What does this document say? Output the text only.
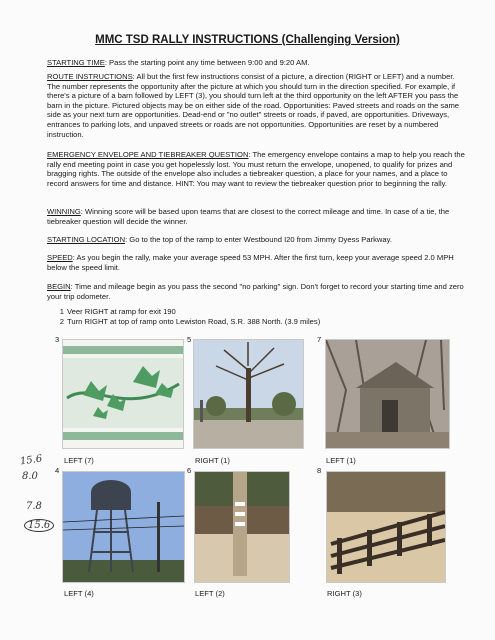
MMC TSD RALLY INSTRUCTIONS (Challenging Version)

STARTING TIME: Pass the starting point any time between 9:00 and 9:20 AM.

ROUTE INSTRUCTIONS: All but the first few instructions consist of a picture, a direction (RIGHT or LEFT) and a number. The number represents the opportunity after the picture at which you should turn in the direction specified. For example, if there's a picture of a barn followed by LEFT (3), you should turn left at the third opportunity on the left AFTER you pass the barn in the picture. Pictured objects may be on either side of the road. Opportunities: Paved streets and roads on the same side as your next turn are opportunities. Dead-end or "no outlet" streets or roads, if paved, are opportunities. Driveways, entrances to parking lots, and unpaved streets or roads are not opportunities. Opportunities are reset by a numbered instruction.

EMERGENCY ENVELOPE AND TIEBREAKER QUESTION: The emergency envelope contains a map to help you reach the rally end meeting point in case you get hopelessly lost. You must return the envelope, unopened, to qualify for prizes and bragging rights. The outside of the envelope also includes a tiebreaker question, a place for your names, and a place to record answers for time and distance. HINT: You may want to review the tiebreaker question prior to beginning the rally.

WINNING: Winning score will be based upon teams that are closest to the correct mileage and time. In case of a tie, the tiebreaker question will decide the winner.

STARTING LOCATION: Go to the top of the ramp to enter Westbound I20 from Jimmy Dyess Parkway.

SPEED: As you begin the rally, make your average speed 53 MPH. After the first turn, keep your average speed 2.0 MPH below the speed limit.

BEGIN: Time and mileage begin as you pass the second "no parking" sign. Don't forget to record your starting time and zero your trip odometer.

1 Veer RIGHT at ramp for exit 190
2 Turn RIGHT at top of ramp onto Lewiston Road, S.R. 388 North. (3.9 miles)
3
LEFT (7)
5
RIGHT (1)
7
LEFT (1)
4
LEFT (4)
6
LEFT (2)
8
RIGHT (3)
15.6
8.0
7.8
15.6
